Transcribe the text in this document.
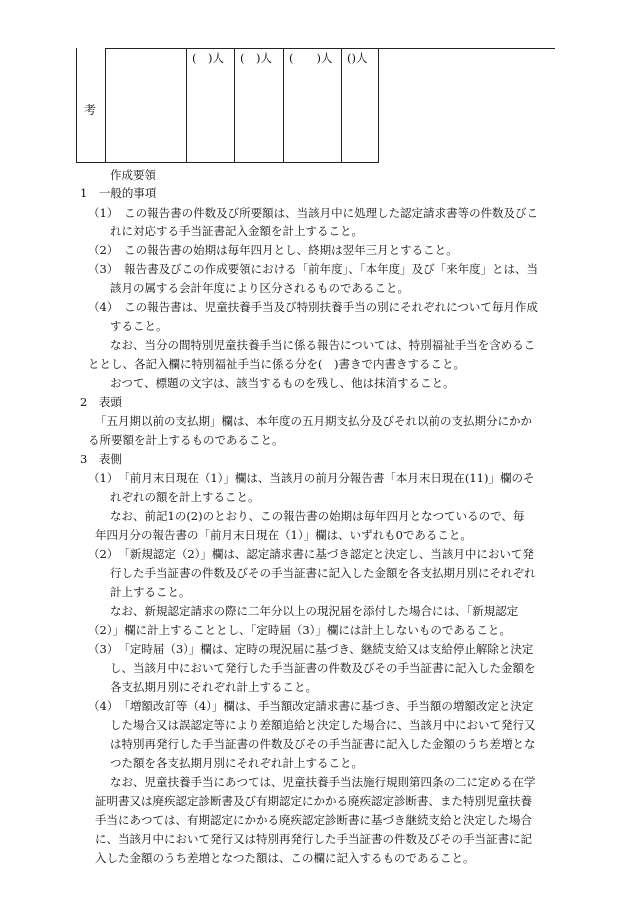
考
(　)人 (　)人 (　　)人 ()人
作成要領
1　一般的事項
（1）　この報告書の件数及び所要額は、当該月中に処理した認定請求書等の件数及びこ
れに対応する手当証書記入金額を計上すること。
（2）　この報告書の始期は毎年四月とし、終期は翌年三月とすること。
（3）　報告書及びこの作成要領における「前年度」、「本年度」及び「来年度」とは、当
該月の属する会計年度により区分されるものであること。
（4）　この報告書は、児童扶養手当及び特別扶養手当の別にそれぞれについて毎月作成
すること。
なお、当分の間特別児童扶養手当に係る報告については、特別福祉手当を含めるこ
ととし、各記入欄に特別福祉手当に係る分を(　)書きで内書きすること。
おつて、標題の文字は、該当するものを残し、他は抹消すること。
2　表頭
「五月期以前の支払期」欄は、本年度の五月期支払分及びそれ以前の支払期分にかか
る所要額を計上するものであること。
3　表側
（1）　「前月末日現在（1）」欄は、当該月の前月分報告書「本月末日現在(11)」欄のそ
れぞれの額を計上すること。
なお、前記1の(2)のとおり、この報告書の始期は毎年四月となつているので、毎
年四月分の報告書の「前月末日現在（1）」欄は、いずれも0であること。
（2）　「新規認定（2）」欄は、認定請求書に基づき認定と決定し、当該月中において発
行した手当証書の件数及びその手当証書に記入した金額を各支払期月別にそれぞれ
計上すること。
なお、新規認定請求の際に二年分以上の現況届を添付した場合には、「新規認定
（2）」欄に計上することとし、「定時届（3）」欄には計上しないものであること。
（3）　「定時届（3）」欄は、定時の現況届に基づき、継続支給又は支給停止解除と決定
し、当該月中において発行した手当証書の件数及びその手当証書に記入した金額を
各支払期月別にそれぞれ計上すること。
（4）　「増額改訂等（4）」欄は、手当額改定請求書に基づき、手当額の増額改定と決定
した場合又は誤認定等により差額追給と決定した場合に、当該月中において発行又
は特別再発行した手当証書の件数及びその手当証書に記入した金額のうち差増とな
つた額を各支払期月別にそれぞれ計上すること。
なお、児童扶養手当にあつては、児童扶養手当法施行規則第四条の二に定める在学
証明書又は廃疾認定診断書及び有期認定にかかる廃疾認定診断書、また特別児童扶養
手当にあつては、有期認定にかかる廃疾認定診断書に基づき継続支給と決定した場合
に、当該月中において発行又は特別再発行した手当証書の件数及びその手当証書に記
入した金額のうち差増となつた額は、この欄に記入するものであること。
